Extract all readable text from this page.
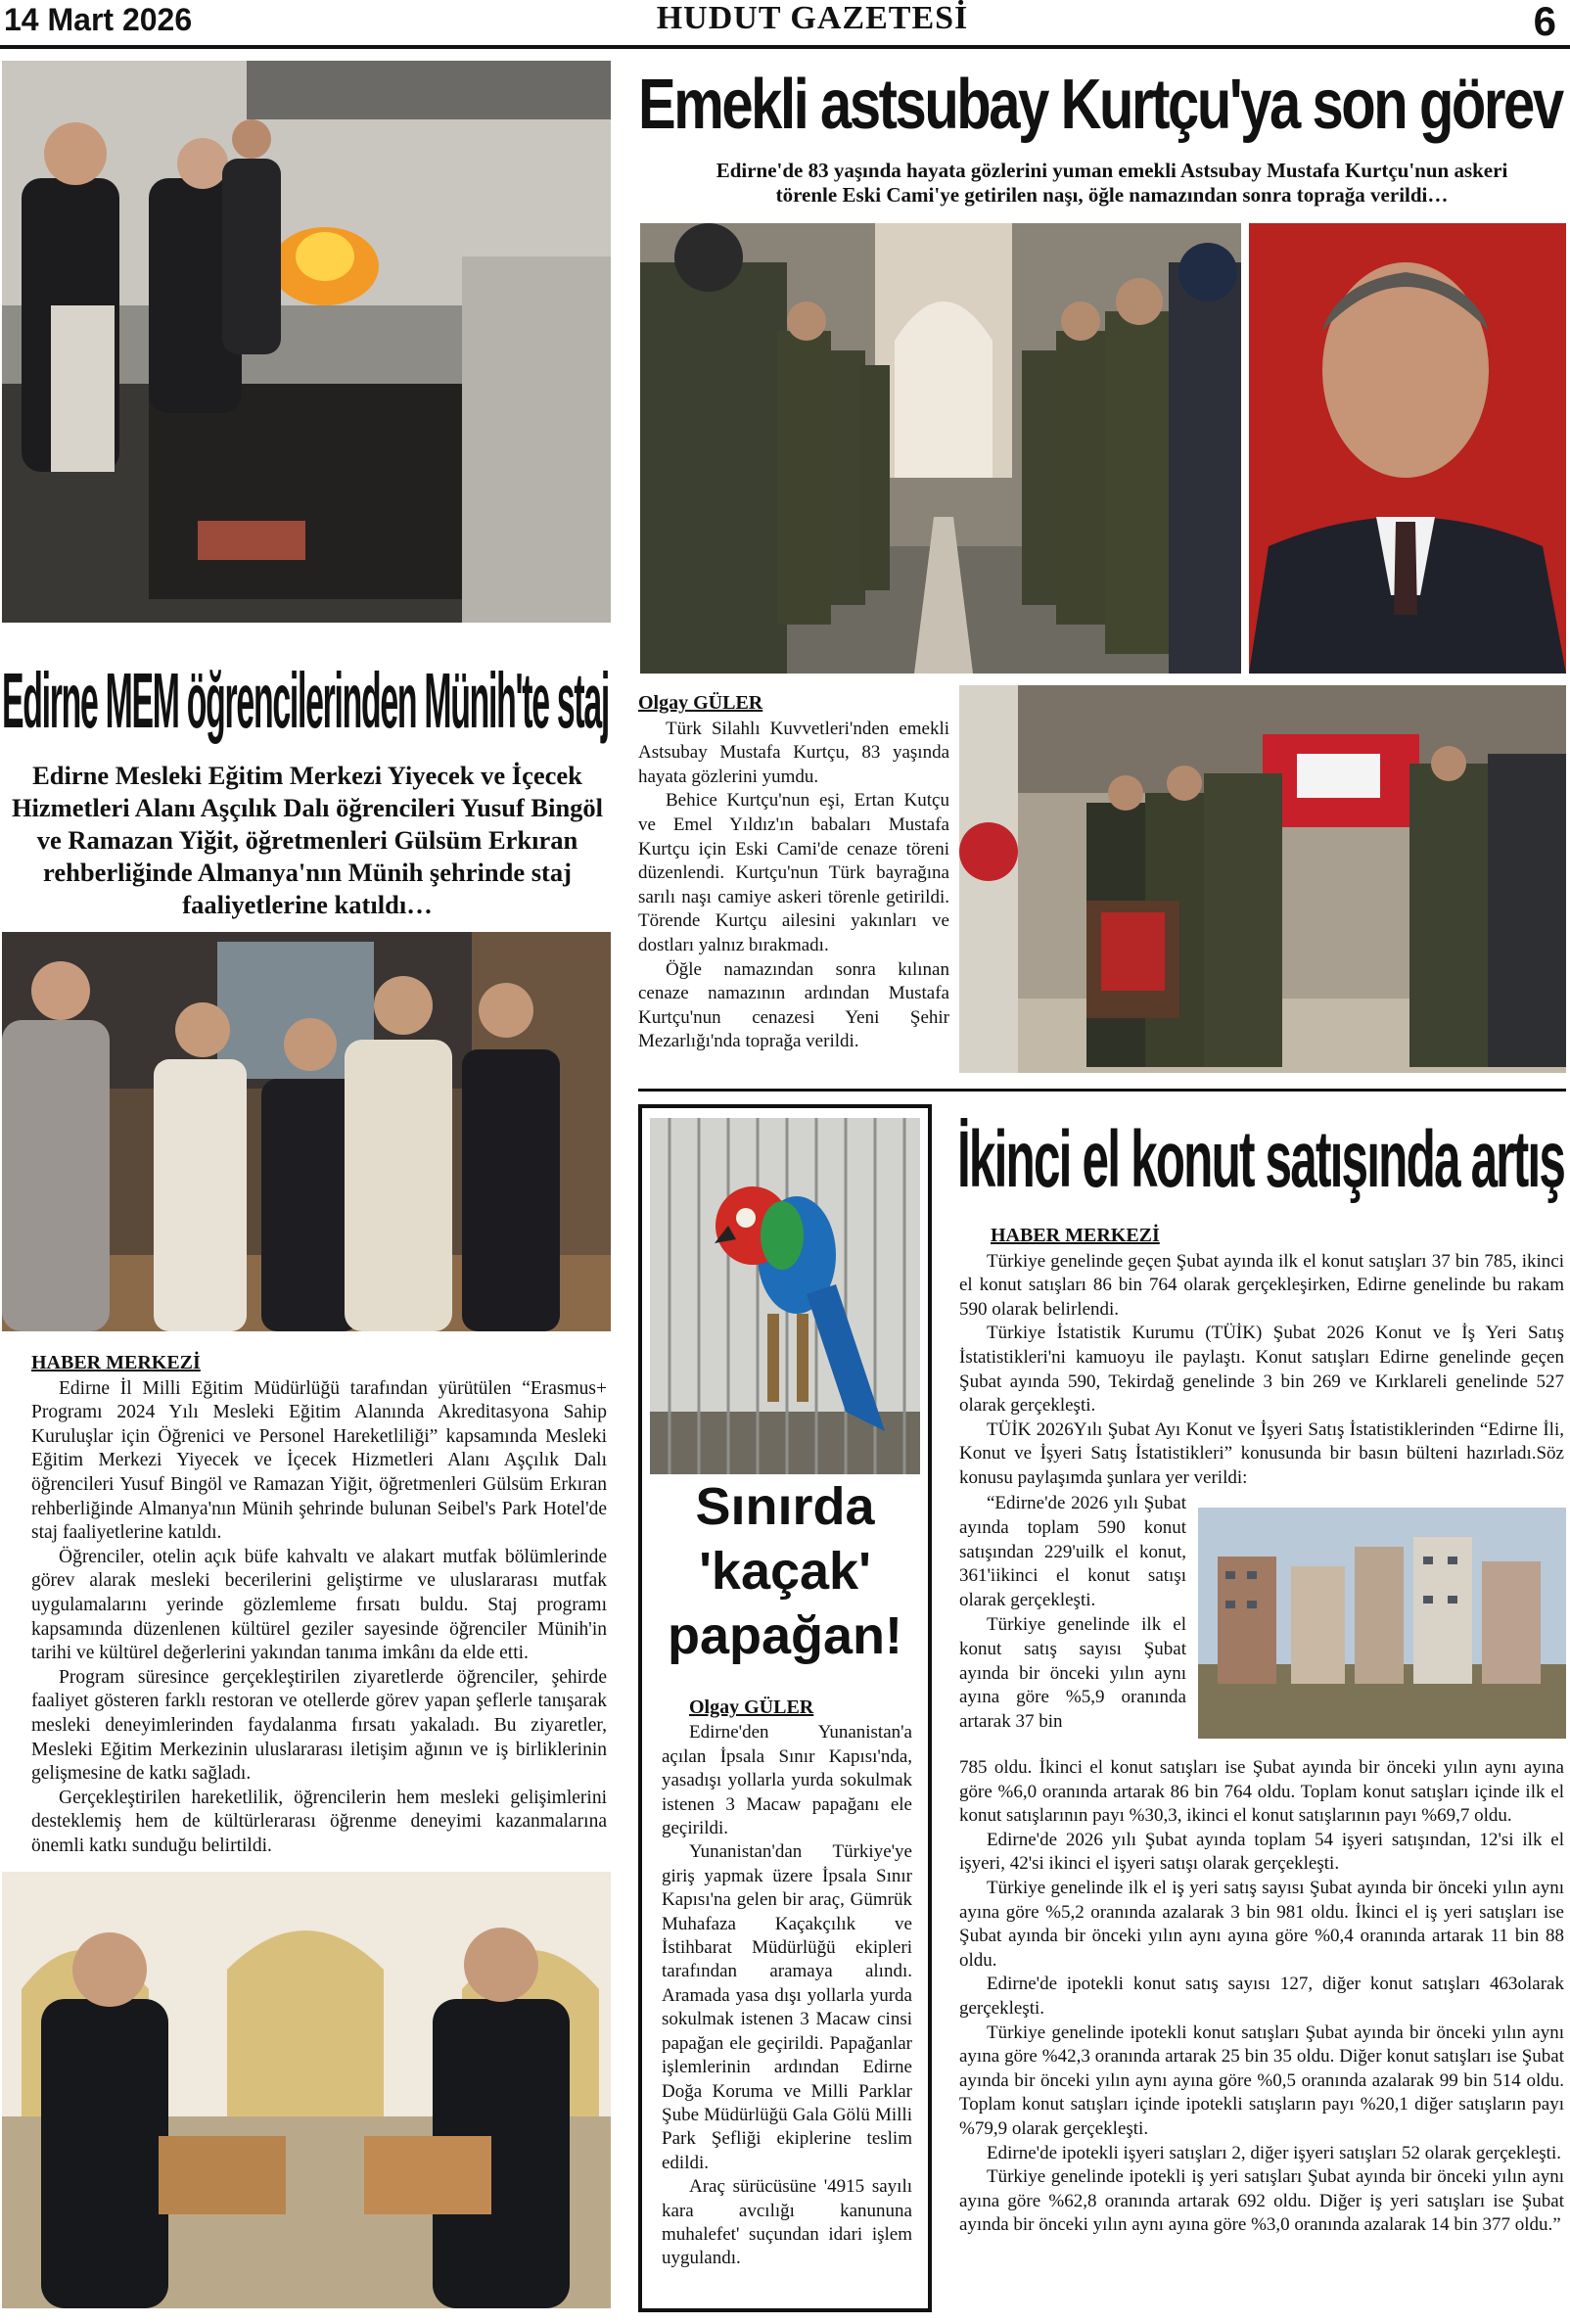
14 Mart 2026	HUDUT GAZETESİ	6
Emekli astsubay Kurtçu'ya son görev
Edirne'de 83 yaşında hayata gözlerini yuman emekli Astsubay Mustafa Kurtçu'nun askeri törenle Eski Cami'ye getirilen naşı, öğle namazından sonra toprağa verildi…
Edirne MEM öğrencilerinden Münih'te staj
Edirne Mesleki Eğitim Merkezi Yiyecek ve İçecek Hizmetleri Alanı Aşçılık Dalı öğrencileri Yusuf Bingöl ve Ramazan Yiğit, öğretmenleri Gülsüm Erkıran rehberliğinde Almanya'nın Münih şehrinde staj faaliyetlerine katıldı…
Olgay GÜLER

Türk Silahlı Kuvvetleri'nden emekli Astsubay Mustafa Kurtçu, 83 yaşında hayata gözlerini yumdu.

Behice Kurtçu'nun eşi, Ertan Kutçu ve Emel Yıldız'ın babaları Mustafa Kurtçu için Eski Cami'de cenaze töreni düzenlendi. Kurtçu'nun Türk bayrağına sarılı naşı camiye askeri törenle getirildi. Törende Kurtçu ailesini yakınları ve dostları yalnız bırakmadı.

Öğle namazından sonra kılınan cenaze namazının ardından Mustafa Kurtçu'nun cenazesi Yeni Şehir Mezarlığı'nda toprağa verildi.

HABER MERKEZİ

Edirne İl Milli Eğitim Müdürlüğü tarafından yürütülen “Erasmus+ Programı 2024 Yılı Mesleki Eğitim Alanında Akreditasyona Sahip Kuruluşlar için Öğrenici ve Personel Hareketliliği” kapsamında Mesleki Eğitim Merkezi Yiyecek ve İçecek Hizmetleri Alanı Aşçılık Dalı öğrencileri Yusuf Bingöl ve Ramazan Yiğit, öğretmenleri Gülsüm Erkıran rehberliğinde Almanya'nın Münih şehrinde bulunan Seibel's Park Hotel'de staj faaliyetlerine katıldı.

Öğrenciler, otelin açık büfe kahvaltı ve alakart mutfak bölümlerinde görev alarak mesleki becerilerini geliştirme ve uluslararası mutfak uygulamalarını yerinde gözlemleme fırsatı buldu. Staj programı kapsamında düzenlenen kültürel geziler sayesinde öğrenciler Münih'in tarihi ve kültürel değerlerini yakından tanıma imkânı da elde etti.

Program süresince gerçekleştirilen ziyaretlerde öğrenciler, şehirde faaliyet gösteren farklı restoran ve otellerde görev yapan şeflerle tanışarak mesleki deneyimlerinden faydalanma fırsatı yakaladı. Bu ziyaretler, Mesleki Eğitim Merkezinin uluslararası iletişim ağının ve iş birliklerinin gelişmesine de katkı sağladı.

Gerçekleştirilen hareketlilik, öğrencilerin hem mesleki gelişimlerini desteklemiş hem de kültürlerarası öğrenme deneyimi kazanmalarına önemli katkı sunduğu belirtildi.

Sınırda
'kaçak'
papağan!
Olgay GÜLER

Edirne'den Yunanistan'a açılan İpsala Sınır Kapısı'nda, yasadışı yollarla yurda sokulmak istenen 3 Macaw papağanı ele geçirildi.

Yunanistan'dan Türkiye'ye giriş yapmak üzere İpsala Sınır Kapısı'na gelen bir araç, Gümrük Muhafaza Kaçakçılık ve İstihbarat Müdürlüğü ekipleri tarafından aramaya alındı. Aramada yasa dışı yollarla yurda sokulmak istenen 3 Macaw cinsi papağan ele geçirildi. Papağanlar işlemlerinin ardından Edirne Doğa Koruma ve Milli Parklar Şube Müdürlüğü Gala Gölü Milli Park Şefliği ekiplerine teslim edildi.

Araç sürücüsüne '4915 sayılı kara avcılığı kanununa muhalefet' suçundan idari işlem uygulandı.

İkinci el konut satışında artış
HABER MERKEZİ

Türkiye genelinde geçen Şubat ayında ilk el konut satışları 37 bin 785, ikinci el konut satışları 86 bin 764 olarak gerçekleşirken, Edirne genelinde bu rakam 590 olarak belirlendi.

Türkiye İstatistik Kurumu (TÜİK) Şubat 2026 Konut ve İş Yeri Satış İstatistikleri'ni kamuoyu ile paylaştı. Konut satışları Edirne genelinde geçen Şubat ayında 590, Tekirdağ genelinde 3 bin 269 ve Kırklareli genelinde 527 olarak gerçekleşti.

TÜİK 2026Yılı Şubat Ayı Konut ve İşyeri Satış İstatistiklerinden “Edirne İli, Konut ve İşyeri Satış İstatistikleri” konusunda bir basın bülteni hazırladı.Söz konusu paylaşımda şunlara yer verildi:

“Edirne'de 2026 yılı Şubat ayında toplam 590 konut satışından 229'uilk el konut, 361'iikinci el konut satışı olarak gerçekleşti.

Türkiye genelinde ilk el konut satış sayısı Şubat ayında bir önceki yılın aynı ayına göre %5,9 oranında artarak 37 bin

785 oldu. İkinci el konut satışları ise Şubat ayında bir önceki yılın aynı ayına göre %6,0 oranında artarak 86 bin 764 oldu. Toplam konut satışları içinde ilk el konut satışlarının payı %30,3, ikinci el konut satışlarının payı %69,7 oldu.

Edirne'de 2026 yılı Şubat ayında toplam 54 işyeri satışından, 12'si ilk el işyeri, 42'si ikinci el işyeri satışı olarak gerçekleşti.

Türkiye genelinde ilk el iş yeri satış sayısı Şubat ayında bir önceki yılın aynı ayına göre %5,2 oranında azalarak 3 bin 981 oldu. İkinci el iş yeri satışları ise Şubat ayında bir önceki yılın aynı ayına göre %0,4 oranında artarak 11 bin 88 oldu.

Edirne'de ipotekli konut satış sayısı 127, diğer konut satışları 463olarak gerçekleşti.

Türkiye genelinde ipotekli konut satışları Şubat ayında bir önceki yılın aynı ayına göre %42,3 oranında artarak 25 bin 35 oldu. Diğer konut satışları ise Şubat ayında bir önceki yılın aynı ayına göre %0,5 oranında azalarak 99 bin 514 oldu. Toplam konut satışları içinde ipotekli satışların payı %20,1 diğer satışların payı %79,9 olarak gerçekleşti.

Edirne'de ipotekli işyeri satışları 2, diğer işyeri satışları 52 olarak gerçekleşti.

Türkiye genelinde ipotekli iş yeri satışları Şubat ayında bir önceki yılın aynı ayına göre %62,8 oranında artarak 692 oldu. Diğer iş yeri satışları ise Şubat ayında bir önceki yılın aynı ayına göre %3,0 oranında azalarak 14 bin 377 oldu.”
